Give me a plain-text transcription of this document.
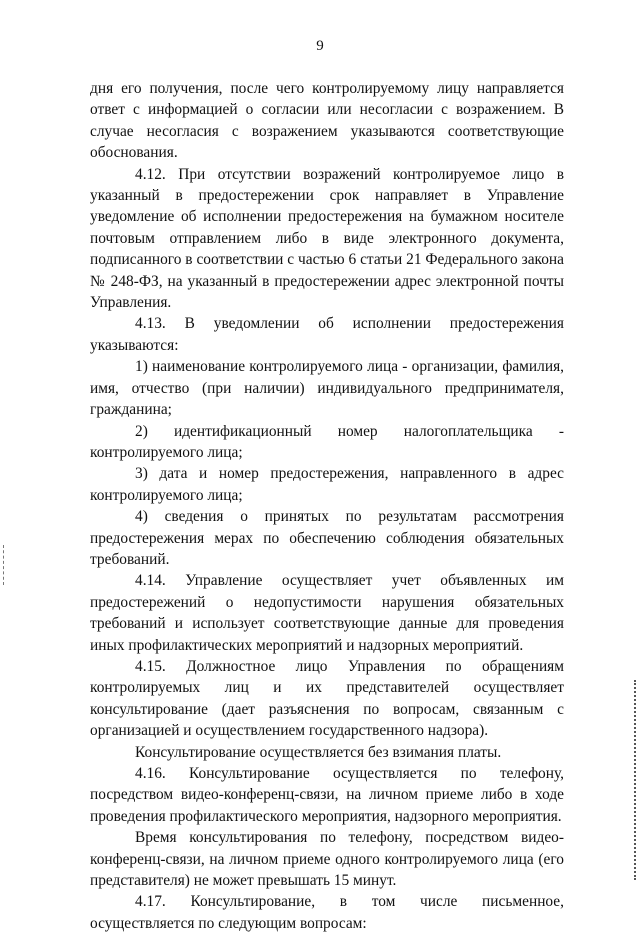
9

дня его получения, после чего контролируемому лицу направляется ответ с информацией о согласии или несогласии с возражением. В случае несогласия с возражением указываются соответствующие обоснования.

4.12. При отсутствии возражений контролируемое лицо в указанный в предостережении срок направляет в Управление уведомление об исполнении предостережения на бумажном носителе почтовым отправлением либо в виде электронного документа, подписанного в соответствии с частью 6 статьи 21 Федерального закона № 248-ФЗ, на указанный в предостережении адрес электронной почты Управления.

4.13. В уведомлении об исполнении предостережения указываются:

1) наименование контролируемого лица - организации, фамилия, имя, отчество (при наличии) индивидуального предпринимателя, гражданина;

2) идентификационный номер налогоплательщика - контролируемого лица;

3) дата и номер предостережения, направленного в адрес контролируемого лица;

4) сведения о принятых по результатам рассмотрения предостережения мерах по обеспечению соблюдения обязательных требований.

4.14. Управление осуществляет учет объявленных им предостережений о недопустимости нарушения обязательных требований и использует соответствующие данные для проведения иных профилактических мероприятий и надзорных мероприятий.

4.15. Должностное лицо Управления по обращениям контролируемых лиц и их представителей осуществляет консультирование (дает разъяснения по вопросам, связанным с организацией и осуществлением государственного надзора).

Консультирование осуществляется без взимания платы.

4.16. Консультирование осуществляется по телефону, посредством видео-конференц-связи, на личном приеме либо в ходе проведения профилактического мероприятия, надзорного мероприятия.

Время консультирования по телефону, посредством видео-конференц-связи, на личном приеме одного контролируемого лица (его представителя) не может превышать 15 минут.

4.17. Консультирование, в том числе письменное, осуществляется по следующим вопросам:
